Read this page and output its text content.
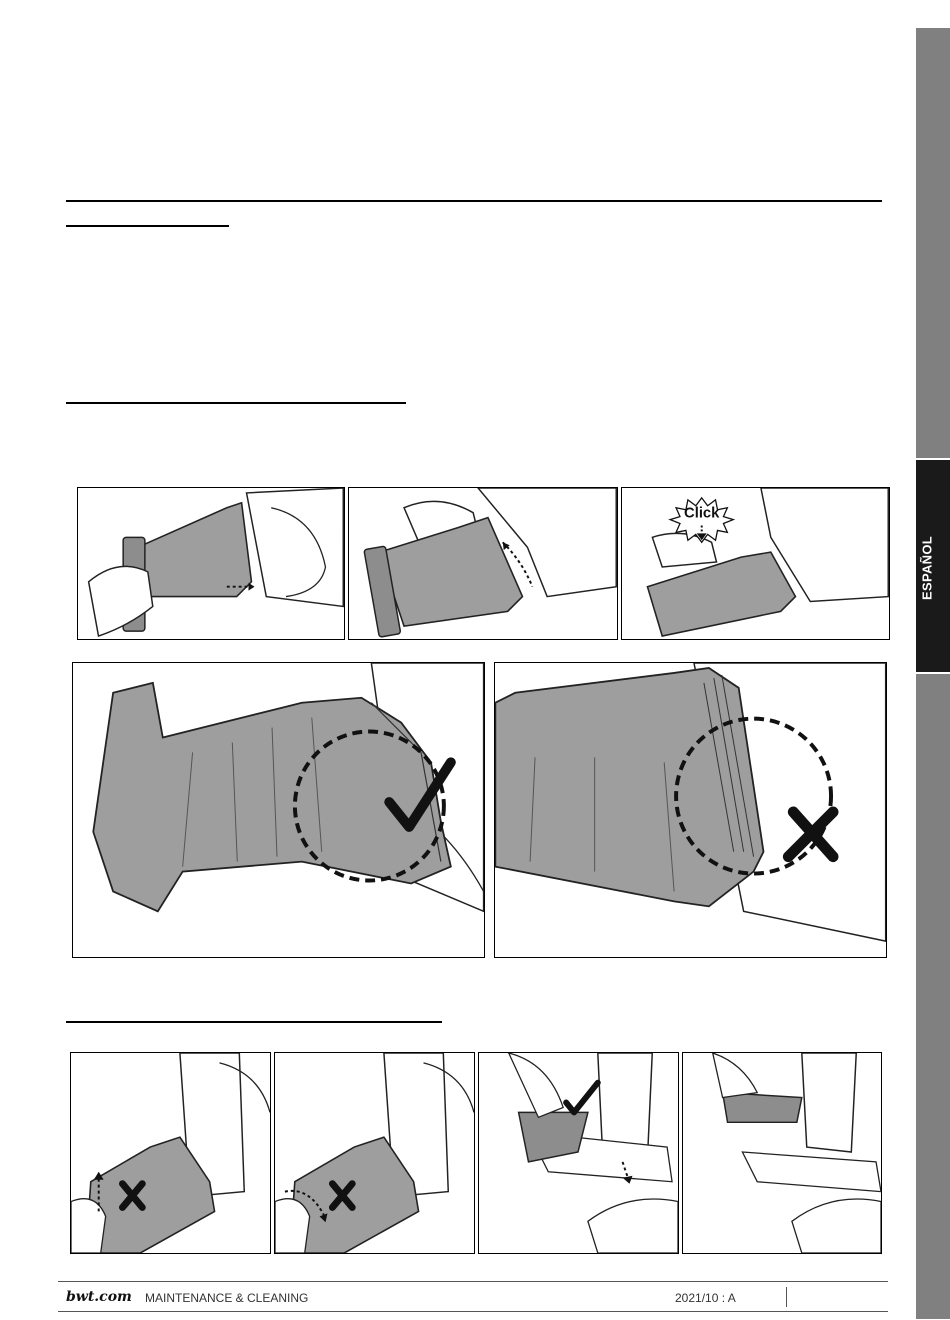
ESPAÑOL
Click
bwt.com MAINTENANCE & CLEANING	2021/10 : A
